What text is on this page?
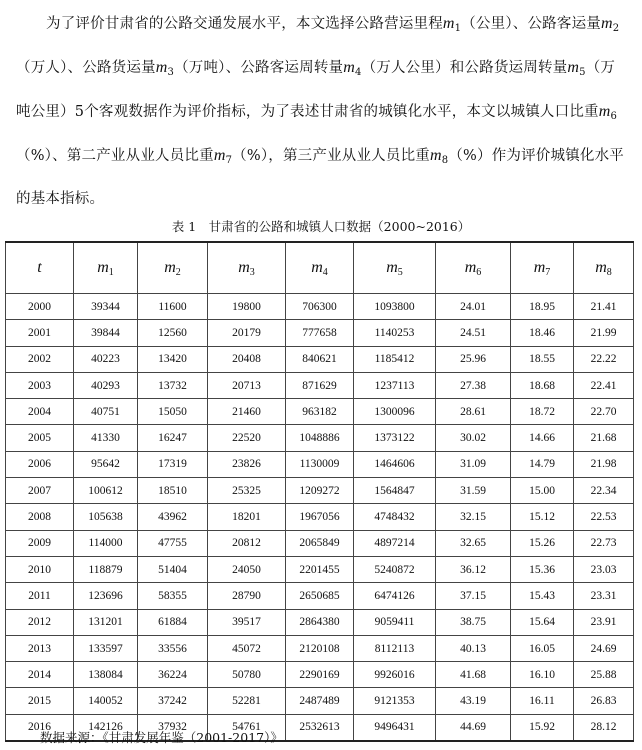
为了评价甘肃省的公路交通发展水平，本文选择公路营运里程$m_1$（公里）、公路客运量$m_2$（万人）、公路货运量$m_3$（万吨）、公路客运周转量$m_4$（万人公里）和公路货运周转量$m_5$（万吨公里）5个客观数据作为评价指标，为了表述甘肃省的城镇化水平，本文以城镇人口比重$m_6(\%)$、第二产业从业人员比重$m_7(\%)$，第三产业从业人员比重$m_8(\%)$作为评价城镇化水平的基本指标。
表 1　甘肃省的公路和城镇人口数据（2000~2016）
t	$m_1$	$m_2$	$m_3$	$m_4$	$m_5$	$m_6$	$m_7$	$m_8$
2000	39344	11600	19800	706300	1093800	24.01	18.95	21.41
2001	39844	12560	20179	777658	1140253	24.51	18.46	21.99
2002	40223	13420	20408	840621	1185412	25.96	18.55	22.22
2003	40293	13732	20713	871629	1237113	27.38	18.68	22.41
2004	40751	15050	21460	963182	1300096	28.61	18.72	22.70
2005	41330	16247	22520	1048886	1373122	30.02	14.66	21.68
2006	95642	17319	23826	1130009	1464606	31.09	14.79	21.98
2007	100612	18510	25325	1209272	1564847	31.59	15.00	22.34
2008	105638	43962	18201	1967056	4748432	32.15	15.12	22.53
2009	114000	47755	20812	2065849	4897214	32.65	15.26	22.73
2010	118879	51404	24050	2201455	5240872	36.12	15.36	23.03
2011	123696	58355	28790	2650685	6474126	37.15	15.43	23.31
2012	131201	61884	39517	2864380	9059411	38.75	15.64	23.91
2013	133597	33556	45072	2120108	8112113	40.13	16.05	24.69
2014	138084	36224	50780	2290169	9926016	41.68	16.10	25.88
2015	140052	37242	52281	2487489	9121353	43.19	16.11	26.83
2016	142126	37932	54761	2532613	9496431	44.69	15.92	28.12
数据来源：《甘肃发展年鉴（2001-2017）》
